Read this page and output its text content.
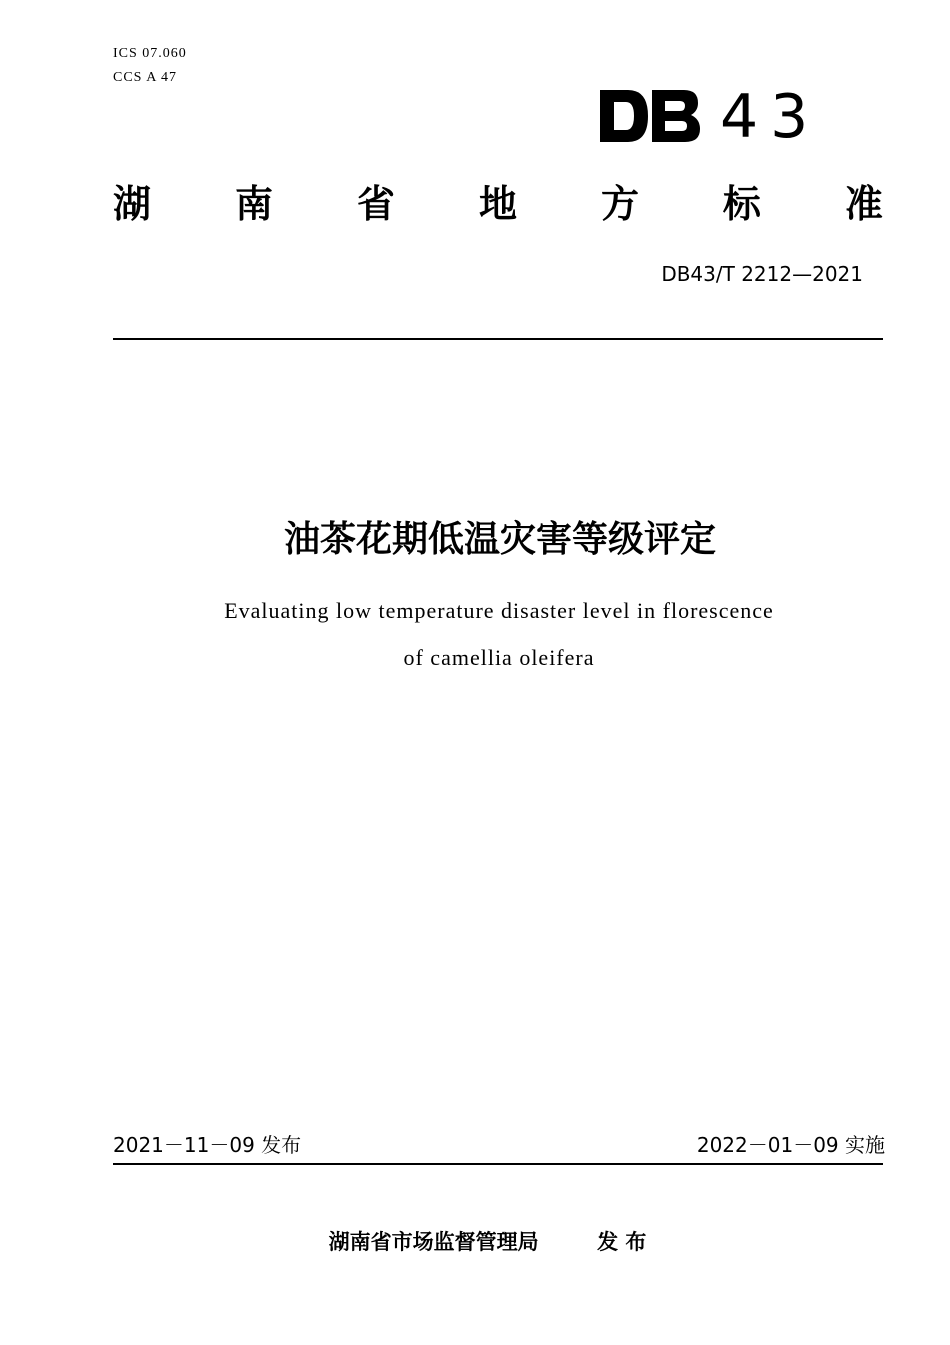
ICS 07.060
CCS A 47
43
湖 南 省 地 方 标 准
DB43/T 2212—2021
油茶花期低温灾害等级评定
Evaluating low temperature disaster level in florescence
of camellia oleifera
2021－11－09 发布	2022－01－09 实施
湖南省市场监督管理局	发 布
